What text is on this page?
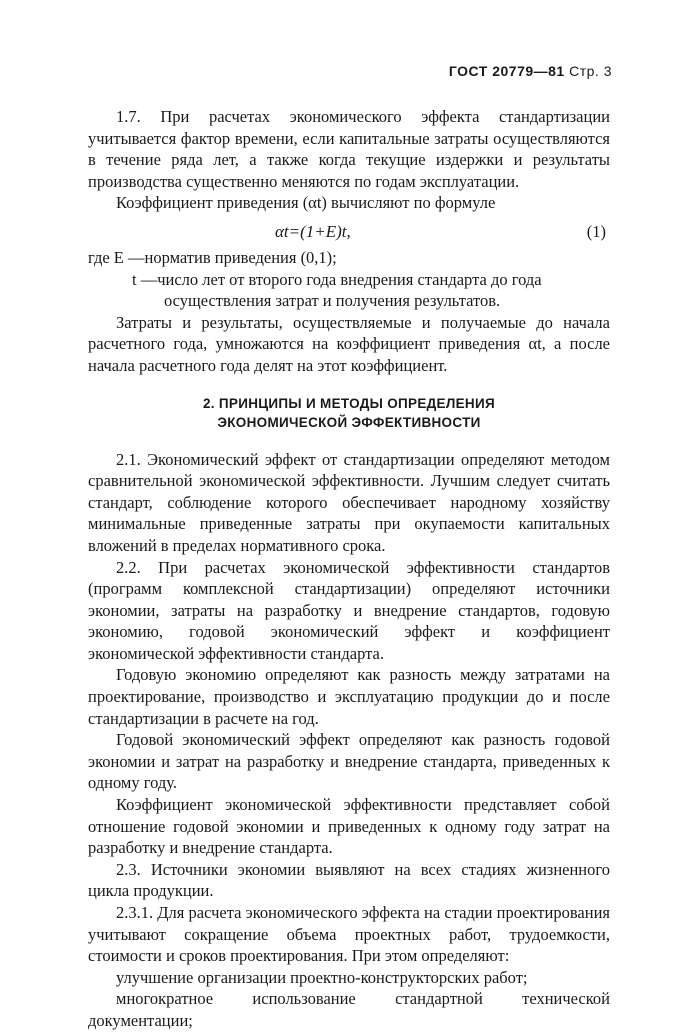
ГОСТ 20779—81 Стр. 3

1.7. При расчетах экономического эффекта стандартизации учитывается фактор времени, если капитальные затраты осуществляются в течение ряда лет, а также когда текущие издержки и результаты производства существенно меняются по годам эксплуатации.

Коэффициент приведения (αt) вычисляют по формуле

αt=(1+E)t,	(1)
где E — норматив приведения (0,1);
t — число лет от второго года внедрения стандарта до года
осуществления затрат и получения результатов.

Затраты и результаты, осуществляемые и получаемые до начала расчетного года, умножаются на коэффициент приведения αt, а после начала расчетного года делят на этот коэффициент.

2. ПРИНЦИПЫ И МЕТОДЫ ОПРЕДЕЛЕНИЯ
ЭКОНОМИЧЕСКОЙ ЭФФЕКТИВНОСТИ

2.1. Экономический эффект от стандартизации определяют методом сравнительной экономической эффективности. Лучшим следует считать стандарт, соблюдение которого обеспечивает народному хозяйству минимальные приведенные затраты при окупаемости капитальных вложений в пределах нормативного срока.

2.2. При расчетах экономической эффективности стандартов (программ комплексной стандартизации) определяют источники экономии, затраты на разработку и внедрение стандартов, годовую экономию, годовой экономический эффект и коэффициент экономической эффективности стандарта.

Годовую экономию определяют как разность между затратами на проектирование, производство и эксплуатацию продукции до и после стандартизации в расчете на год.

Годовой экономический эффект определяют как разность годовой экономии и затрат на разработку и внедрение стандарта, приведенных к одному году.

Коэффициент экономической эффективности представляет собой отношение годовой экономии и приведенных к одному году затрат на разработку и внедрение стандарта.

2.3. Источники экономии выявляют на всех стадиях жизненного цикла продукции.

2.3.1. Для расчета экономического эффекта на стадии проектирования учитывают сокращение объема проектных работ, трудоемкости, стоимости и сроков проектирования. При этом определяют:

улучшение организации проектно-конструкторских работ;

многократное использование стандартной технической документации;
